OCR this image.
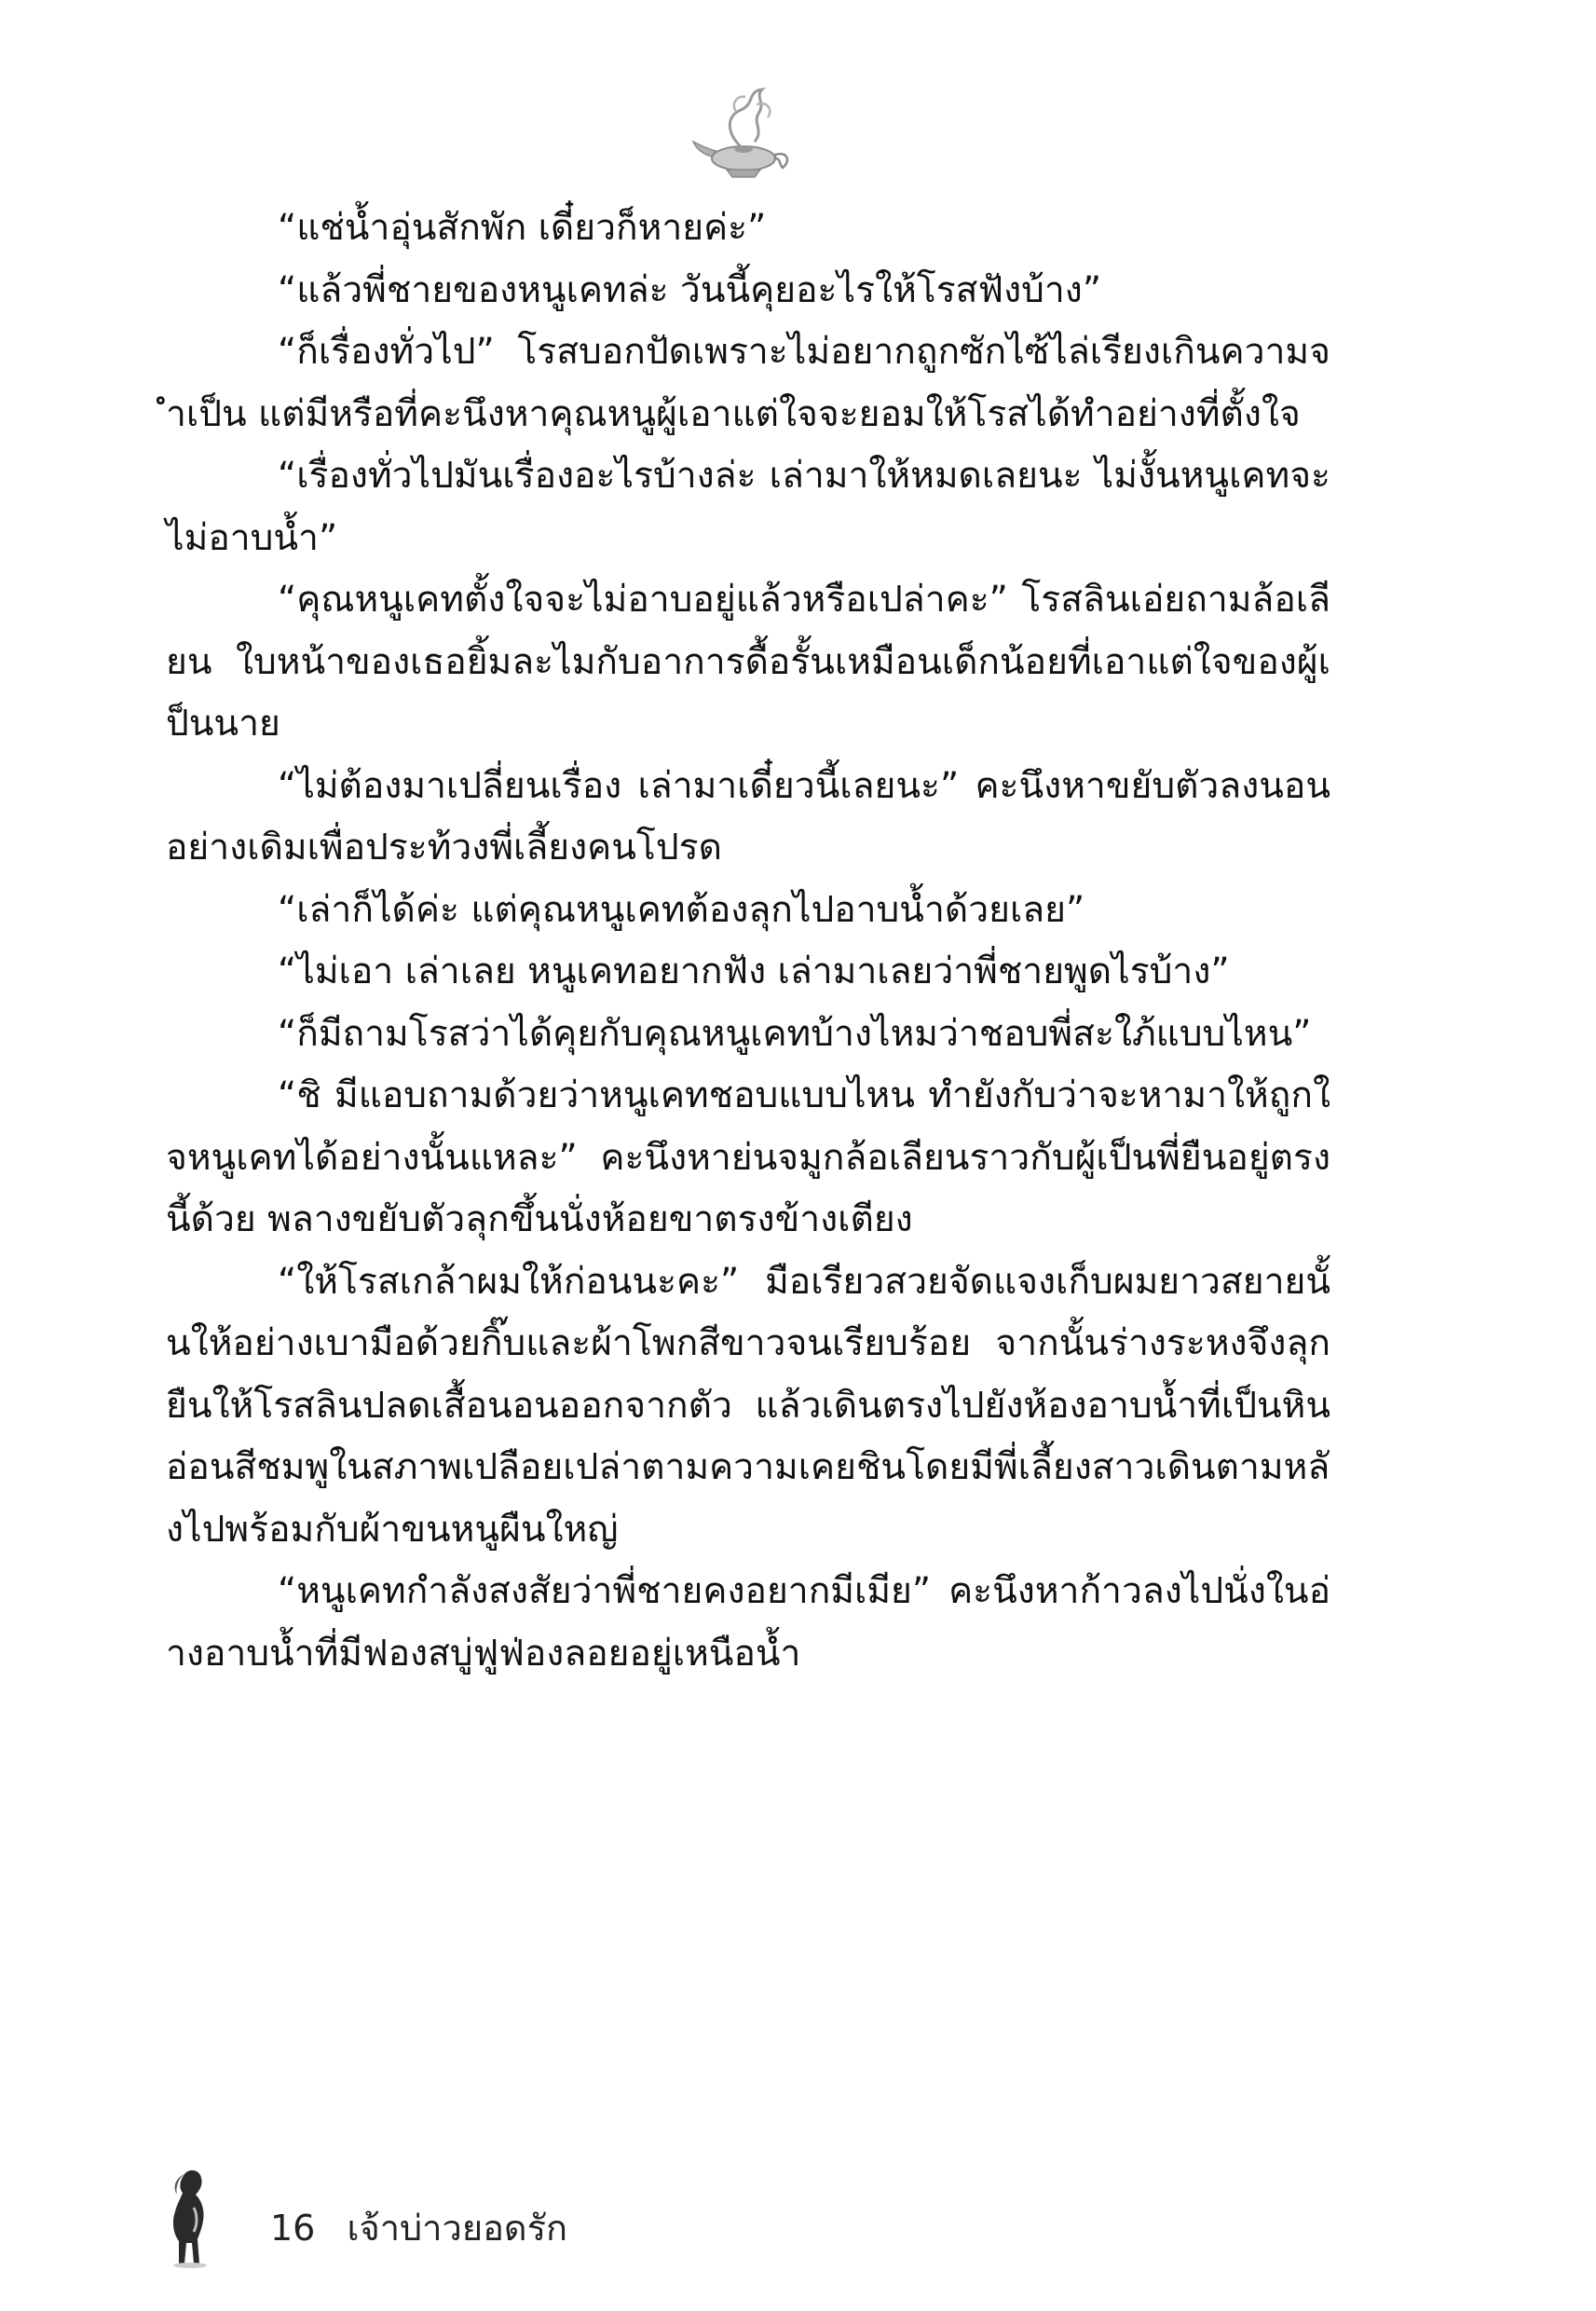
“แช่น้ำอุ่นสักพัก เดี๋ยวก็หายค่ะ”

“แล้วพี่ชายของหนูเคทล่ะ วันนี้คุยอะไรให้โรสฟังบ้าง”

“ก็เรื่องทั่วไป” โรสบอกปัดเพราะไม่อยากถูกซักไซ้ไล่เรียงเกินความจำเป็น แต่มีหรือที่คะนึงหาคุณหนูผู้เอาแต่ใจจะยอมให้โรสได้ทำอย่างที่ตั้งใจ

“เรื่องทั่วไปมันเรื่องอะไรบ้างล่ะ เล่ามาให้หมดเลยนะ ไม่งั้นหนูเคทจะไม่อาบน้ำ”

“คุณหนูเคทตั้งใจจะไม่อาบอยู่แล้วหรือเปล่าคะ” โรสลินเอ่ยถามล้อเลียน ใบหน้าของเธอยิ้มละไมกับอาการดื้อรั้นเหมือนเด็กน้อยที่เอาแต่ใจของผู้เป็นนาย

“ไม่ต้องมาเปลี่ยนเรื่อง เล่ามาเดี๋ยวนี้เลยนะ” คะนึงหาขยับตัวลงนอนอย่างเดิมเพื่อประท้วงพี่เลี้ยงคนโปรด

“เล่าก็ได้ค่ะ แต่คุณหนูเคทต้องลุกไปอาบน้ำด้วยเลย”

“ไม่เอา เล่าเลย หนูเคทอยากฟัง เล่ามาเลยว่าพี่ชายพูดไรบ้าง”

“ก็มีถามโรสว่าได้คุยกับคุณหนูเคทบ้างไหมว่าชอบพี่สะใภ้แบบไหน”

“ชิ มีแอบถามด้วยว่าหนูเคทชอบแบบไหน ทำยังกับว่าจะหามาให้ถูกใจหนูเคทได้อย่างนั้นแหละ” คะนึงหาย่นจมูกล้อเลียนราวกับผู้เป็นพี่ยืนอยู่ตรงนี้ด้วย พลางขยับตัวลุกขึ้นนั่งห้อยขาตรงข้างเตียง

“ให้โรสเกล้าผมให้ก่อนนะคะ” มือเรียวสวยจัดแจงเก็บผมยาวสยายนั้นให้อย่างเบามือด้วยกิ๊บและผ้าโพกสีขาวจนเรียบร้อย จากนั้นร่างระหงจึงลุกยืนให้โรสลินปลดเสื้อนอนออกจากตัว แล้วเดินตรงไปยังห้องอาบน้ำที่เป็นหินอ่อนสีชมพูในสภาพเปลือยเปล่าตามความเคยชินโดยมีพี่เลี้ยงสาวเดินตามหลังไปพร้อมกับผ้าขนหนูผืนใหญ่

“หนูเคทกำลังสงสัยว่าพี่ชายคงอยากมีเมีย” คะนึงหาก้าวลงไปนั่งในอ่างอาบน้ำที่มีฟองสบู่ฟูฟ่องลอยอยู่เหนือน้ำ

16 เจ้าบ่าวยอดรัก
